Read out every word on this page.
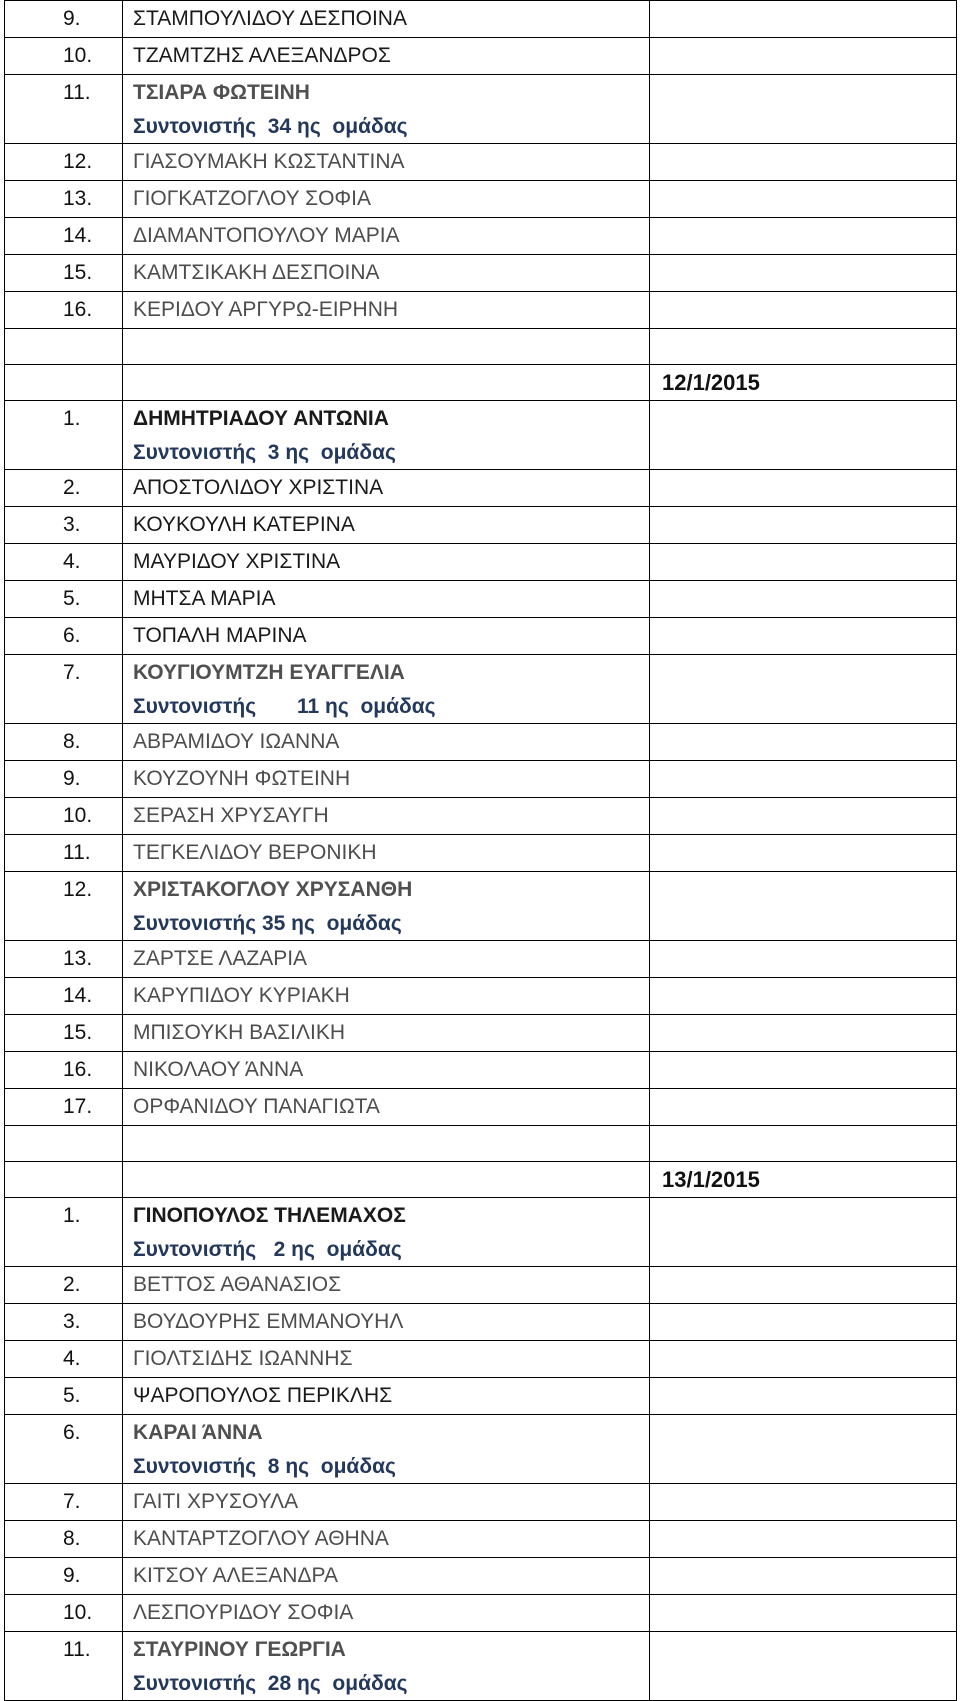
9.	ΣΤΑΜΠΟΥΛΙΔΟΥ ΔΕΣΠΟΙΝΑ	
10.	ΤΖΑΜΤΖΗΣ ΑΛΕΞΑΝΔΡΟΣ	
11.	ΤΣΙΑΡΑ ΦΩΤΕΙΝΗ
Συντονιστής 34 ης ομάδας	

12.	ΓΙΑΣΟΥΜΑΚΗ ΚΩΣΤΑΝΤΙΝΑ	
13.	ΓΙΟΓΚΑΤΖΟΓΛΟΥ ΣΟΦΙΑ	
14.	ΔΙΑΜΑΝΤΟΠΟΥΛΟΥ ΜΑΡΙΑ	
15.	ΚΑΜΤΣΙΚΑΚΗ ΔΕΣΠΟΙΝΑ	
16.	ΚΕΡΙΔΟΥ ΑΡΓΥΡΩ-ΕΙΡΗΝΗ	

		12/1/2015
1.	ΔΗΜΗΤΡΙΑΔΟΥ ΑΝΤΩΝΙΑ
Συντονιστής 3 ης ομάδας	

2.	ΑΠΟΣΤΟΛΙΔΟΥ ΧΡΙΣΤΙΝΑ	
3.	ΚΟΥΚΟΥΛΗ ΚΑΤΕΡΙΝΑ	
4.	ΜΑΥΡΙΔΟΥ ΧΡΙΣΤΙΝΑ	
5.	ΜΗΤΣΑ ΜΑΡΙΑ	
6.	ΤΟΠΑΛΗ ΜΑΡΙΝΑ	
7.	ΚΟΥΓΙΟΥΜΤΖΗ ΕΥΑΓΓΕΛΙΑ
Συντονιστής 11 ης ομάδας	

8.	ΑΒΡΑΜΙΔΟΥ ΙΩΑΝΝΑ	
9.	ΚΟΥΖΟΥΝΗ ΦΩΤΕΙΝΗ	
10.	ΣΕΡΑΣΗ ΧΡΥΣΑΥΓΗ	
11.	ΤΕΓΚΕΛΙΔΟΥ ΒΕΡΟΝΙΚΗ	
12.	ΧΡΙΣΤΑΚΟΓΛΟΥ ΧΡΥΣΑΝΘΗ
Συντονιστής 35 ης ομάδας	

13.	ΖΑΡΤΣΕ ΛΑΖΑΡΙΑ	
14.	ΚΑΡΥΠΙΔΟΥ ΚΥΡΙΑΚΗ	
15.	ΜΠΙΣΟΥΚΗ ΒΑΣΙΛΙΚΗ	
16.	ΝΙΚΟΛΑΟΥ ΆΝΝΑ	
17.	ΟΡΦΑΝΙΔΟΥ ΠΑΝΑΓΙΩΤΑ	

		13/1/2015
1.	ΓΙΝΟΠΟΥΛΟΣ ΤΗΛΕΜΑΧΟΣ
Συντονιστής 2 ης ομάδας	

2.	ΒΕΤΤΟΣ ΑΘΑΝΑΣΙΟΣ	
3.	ΒΟΥΔΟΥΡΗΣ ΕΜΜΑΝΟΥΗΛ	
4.	ΓΙΟΛΤΣΙΔΗΣ ΙΩΑΝΝΗΣ	
5.	ΨΑΡΟΠΟΥΛΟΣ ΠΕΡΙΚΛΗΣ	
6.	ΚΑΡΑΙ ΆΝΝΑ
Συντονιστής 8 ης ομάδας	

7.	ΓΑΙΤΙ ΧΡΥΣΟΥΛΑ	
8.	ΚΑΝΤΑΡΤΖΟΓΛΟΥ ΑΘΗΝΑ	
9.	ΚΙΤΣΟΥ ΑΛΕΞΑΝΔΡΑ	
10.	ΛΕΣΠΟΥΡΙΔΟΥ ΣΟΦΙΑ	
11.	ΣΤΑΥΡΙΝΟΥ ΓΕΩΡΓΙΑ
Συντονιστής 28 ης ομάδας	
